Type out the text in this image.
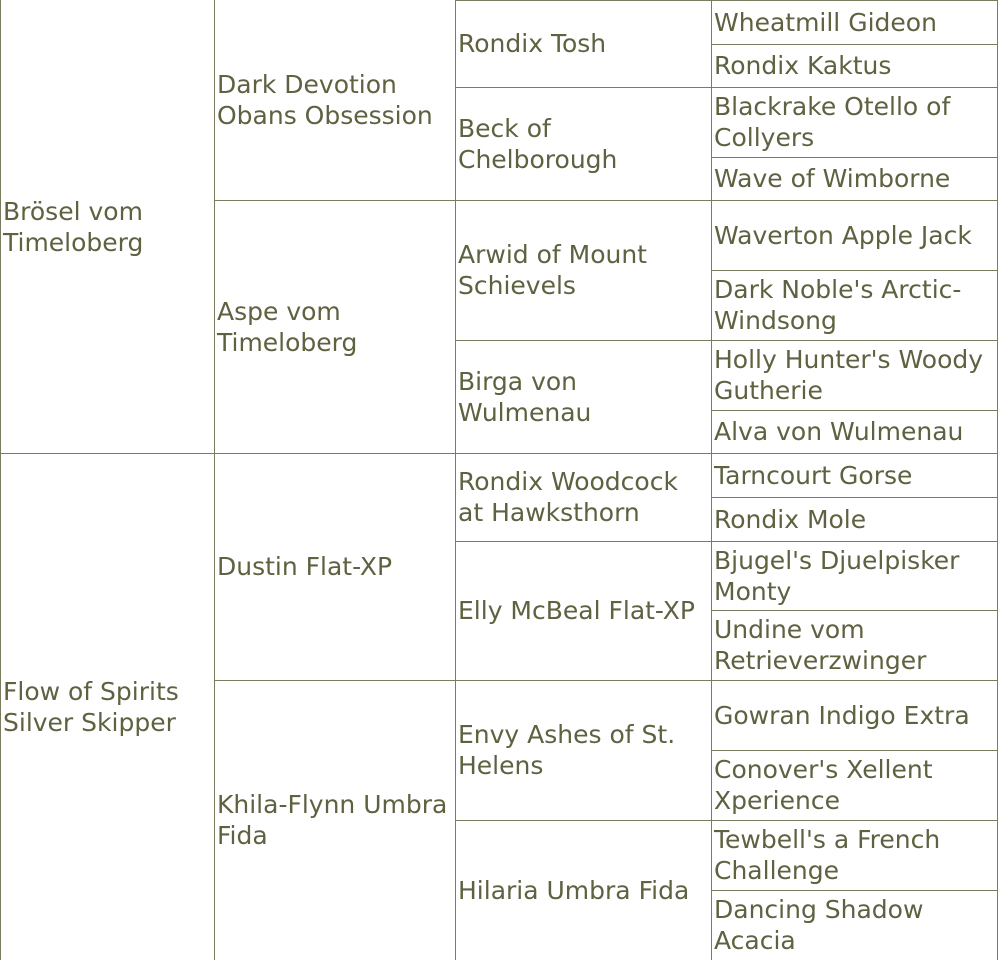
Brösel vom Timeloberg
Flow of Spirits Silver Skipper
Dark Devotion Obans Obsession
Aspe vom Timeloberg
Dustin Flat-XP
Khila-Flynn Umbra Fida
Rondix Tosh
Beck of Chelborough
Arwid of Mount Schievels
Birga von Wulmenau
Rondix Woodcock at Hawksthorn
Elly McBeal Flat-XP
Envy Ashes of St. Helens
Hilaria Umbra Fida
Wheatmill Gideon
Rondix Kaktus
Blackrake Otello of Collyers
Wave of Wimborne
Waverton Apple Jack
Dark Noble's Arctic-Windsong
Holly Hunter's Woody Gutherie
Alva von Wulmenau
Tarncourt Gorse
Rondix Mole
Bjugel's Djuelpisker Monty
Undine vom Retrieverzwinger
Gowran Indigo Extra
Conover's Xellent Xperience
Tewbell's a French Challenge
Dancing Shadow Acacia
